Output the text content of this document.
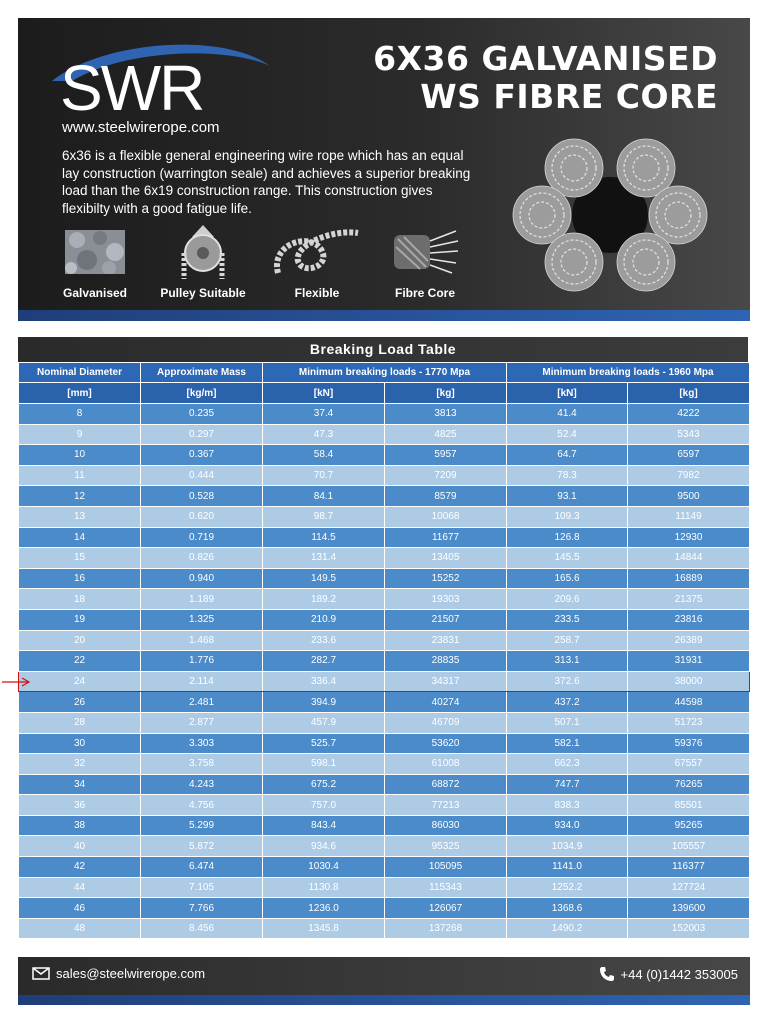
SWR
www.steelwirerope.com
6X36 GALVANISED
WS FIBRE CORE
6x36 is a flexible general engineering wire rope which has an equal lay construction (warrington seale) and achieves a superior breaking load than the 6x19 construction range. This construction gives flexibilty with a good fatigue life.
Galvanised	Pulley Suitable	Flexible	Fibre Core
Breaking Load Table
Nominal Diameter	Approximate Mass	Minimum breaking loads - 1770 Mpa		Minimum breaking loads - 1960 Mpa	
[mm]	[kg/m]	[kN]	[kg]	[kN]	[kg]
8	0.235	37.4	3813	41.4	4222
9	0.297	47.3	4825	52.4	5343
10	0.367	58.4	5957	64.7	6597
11	0.444	70.7	7209	78.3	7982
12	0.528	84.1	8579	93.1	9500
13	0.620	98.7	10068	109.3	11149
14	0.719	114.5	11677	126.8	12930
15	0.826	131.4	13405	145.5	14844
16	0.940	149.5	15252	165.6	16889
18	1.189	189.2	19303	209.6	21375
19	1.325	210.9	21507	233.5	23816
20	1.468	233.6	23831	258.7	26389
22	1.776	282.7	28835	313.1	31931
24	2.114	336.4	34317	372.6	38000
26	2.481	394.9	40274	437.2	44598
28	2.877	457.9	46709	507.1	51723
30	3.303	525.7	53620	582.1	59376
32	3.758	598.1	61008	662.3	67557
34	4.243	675.2	68872	747.7	76265
36	4.756	757.0	77213	838.3	85501
38	5.299	843.4	86030	934.0	95265
40	5.872	934.6	95325	1034.9	105557
42	6.474	1030.4	105095	1141.0	116377
44	7.105	1130.8	115343	1252.2	127724
46	7.766	1236.0	126067	1368.6	139600
48	8.456	1345.8	137268	1490.2	152003
sales@steelwirerope.com	+44 (0)1442 353005
